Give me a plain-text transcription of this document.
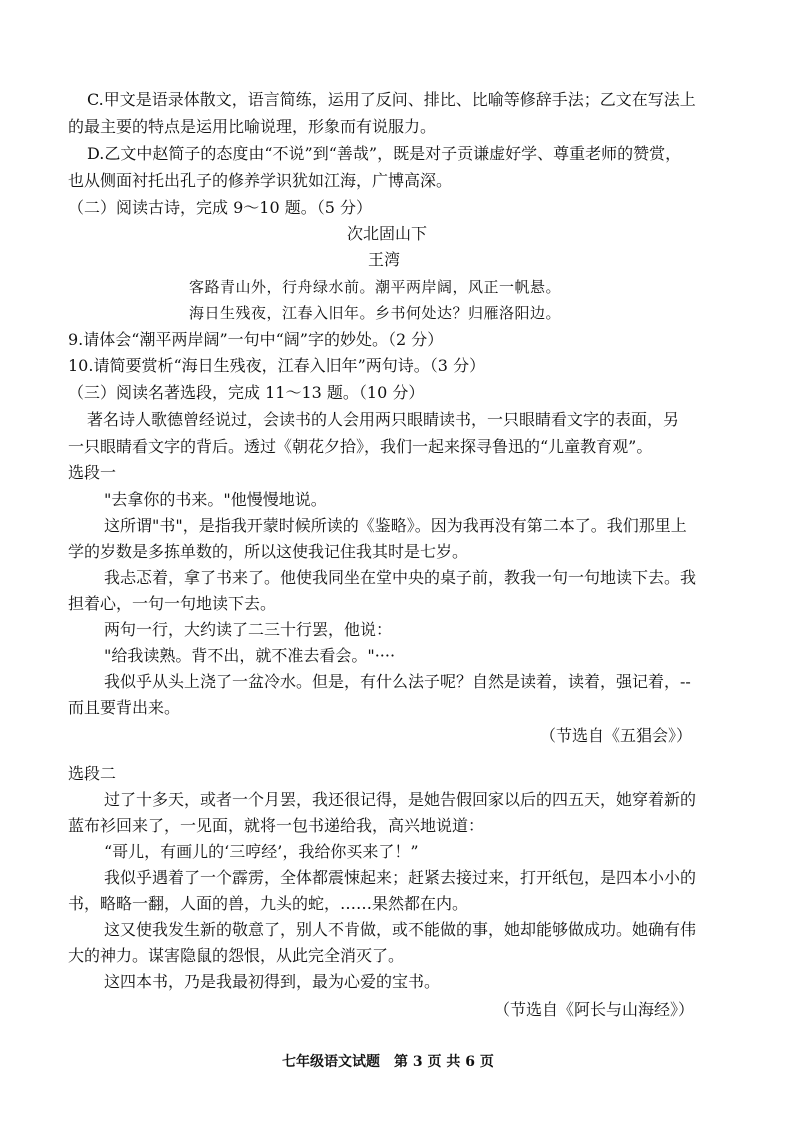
C.甲文是语录体散文，语言简练，运用了反问、排比、比喻等修辞手法；乙文在写法上
的最主要的特点是运用比喻说理，形象而有说服力。
D.乙文中赵简子的态度由“不说”到“善哉”，既是对子贡谦虚好学、尊重老师的赞赏，
也从侧面衬托出孔子的修养学识犹如江海，广博高深。
（二）阅读古诗，完成 9～10 题。（5 分）
次北固山下
王湾
客路青山外，行舟绿水前。潮平两岸阔，风正一帆悬。
海日生残夜，江春入旧年。乡书何处达？归雁洛阳边。
9.请体会“潮平两岸阔”一句中“阔”字的妙处。（2 分）
10.请简要赏析“海日生残夜，江春入旧年”两句诗。（3 分）
（三）阅读名著选段，完成 11～13 题。（10 分）
著名诗人歌德曾经说过，会读书的人会用两只眼睛读书，一只眼睛看文字的表面，另
一只眼睛看文字的背后。透过《朝花夕拾》，我们一起来探寻鲁迅的“儿童教育观”。
选段一
"去拿你的书来。"他慢慢地说。
这所谓"书"，是指我开蒙时候所读的《鉴略》。因为我再没有第二本了。我们那里上
学的岁数是多拣单数的，所以这使我记住我其时是七岁。
我忐忑着，拿了书来了。他使我同坐在堂中央的桌子前，教我一句一句地读下去。我
担着心，一句一句地读下去。
两句一行，大约读了二三十行罢，他说：
"给我读熟。背不出，就不准去看会。"····
我似乎从头上浇了一盆冷水。但是，有什么法子呢？自然是读着，读着，强记着，--
而且要背出来。
（节选自《五猖会》）
选段二
过了十多天，或者一个月罢，我还很记得，是她告假回家以后的四五天，她穿着新的
蓝布衫回来了，一见面，就将一包书递给我，高兴地说道：
“哥儿，有画儿的‘三哼经’，我给你买来了！”
我似乎遇着了一个霹雳，全体都震悚起来；赶紧去接过来，打开纸包，是四本小小的
书，略略一翻，人面的兽，九头的蛇，……果然都在内。
这又使我发生新的敬意了，别人不肯做，或不能做的事，她却能够做成功。她确有伟
大的神力。谋害隐鼠的怨恨，从此完全消灭了。
这四本书，乃是我最初得到，最为心爱的宝书。
（节选自《阿长与山海经》）
七年级语文试题　第 3 页 共 6 页
